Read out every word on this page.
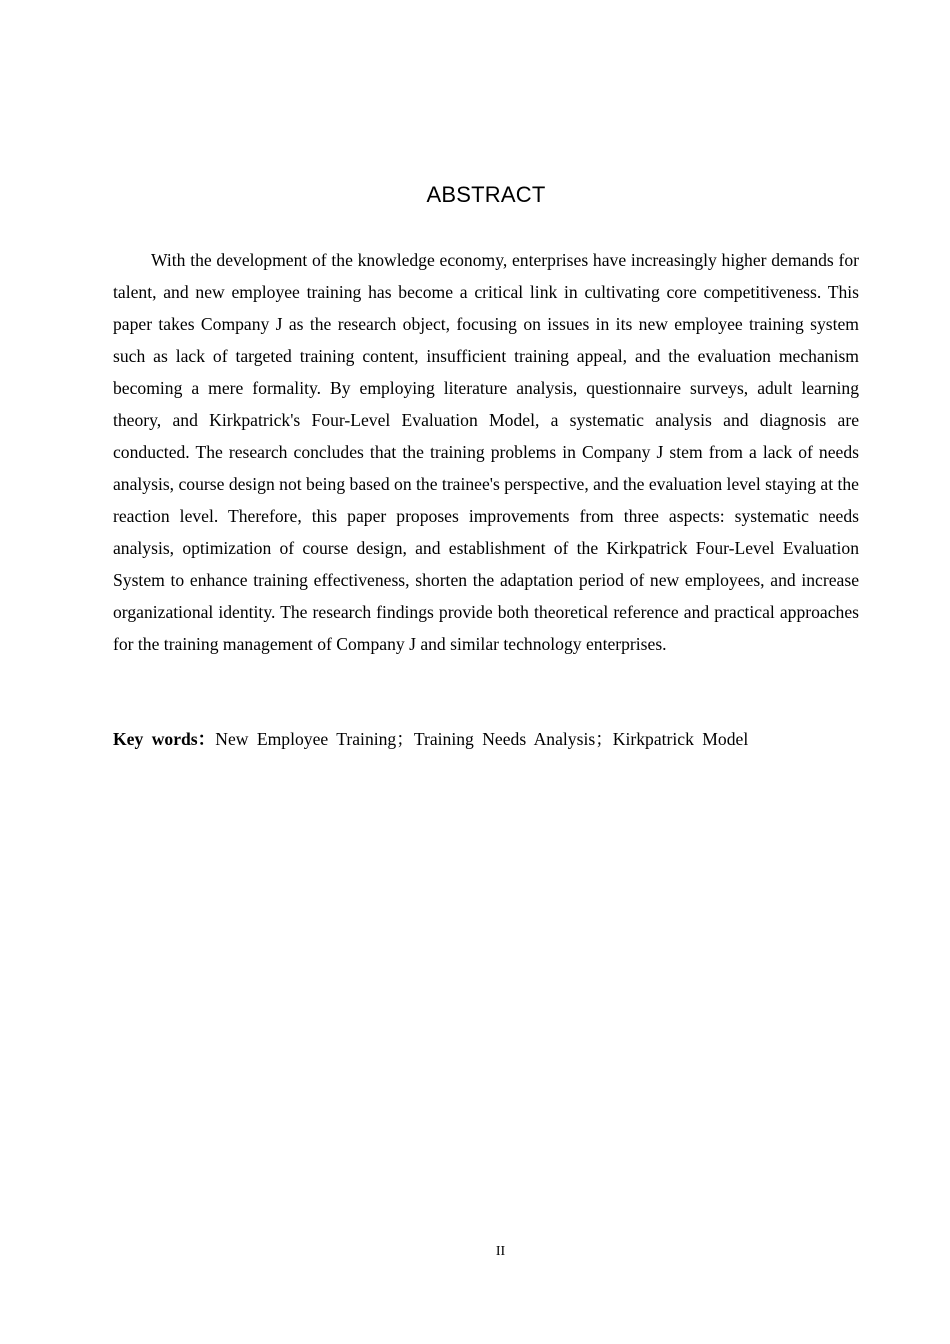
ABSTRACT

With the development of the knowledge economy, enterprises have increasingly higher demands for talent, and new employee training has become a critical link in cultivating core competitiveness. This paper takes Company J as the research object, focusing on issues in its new employee training system such as lack of targeted training content, insufficient training appeal, and the evaluation mechanism becoming a mere formality. By employing literature analysis, questionnaire surveys, adult learning theory, and Kirkpatrick's Four-Level Evaluation Model, a systematic analysis and diagnosis are conducted. The research concludes that the training problems in Company J stem from a lack of needs analysis, course design not being based on the trainee's perspective, and the evaluation level staying at the reaction level. Therefore, this paper proposes improvements from three aspects: systematic needs analysis, optimization of course design, and establishment of the Kirkpatrick Four-Level Evaluation System to enhance training effectiveness, shorten the adaptation period of new employees, and increase organizational identity. The research findings provide both theoretical reference and practical approaches for the training management of Company J and similar technology enterprises.

Key words：New Employee Training；Training Needs Analysis；Kirkpatrick Model
II
